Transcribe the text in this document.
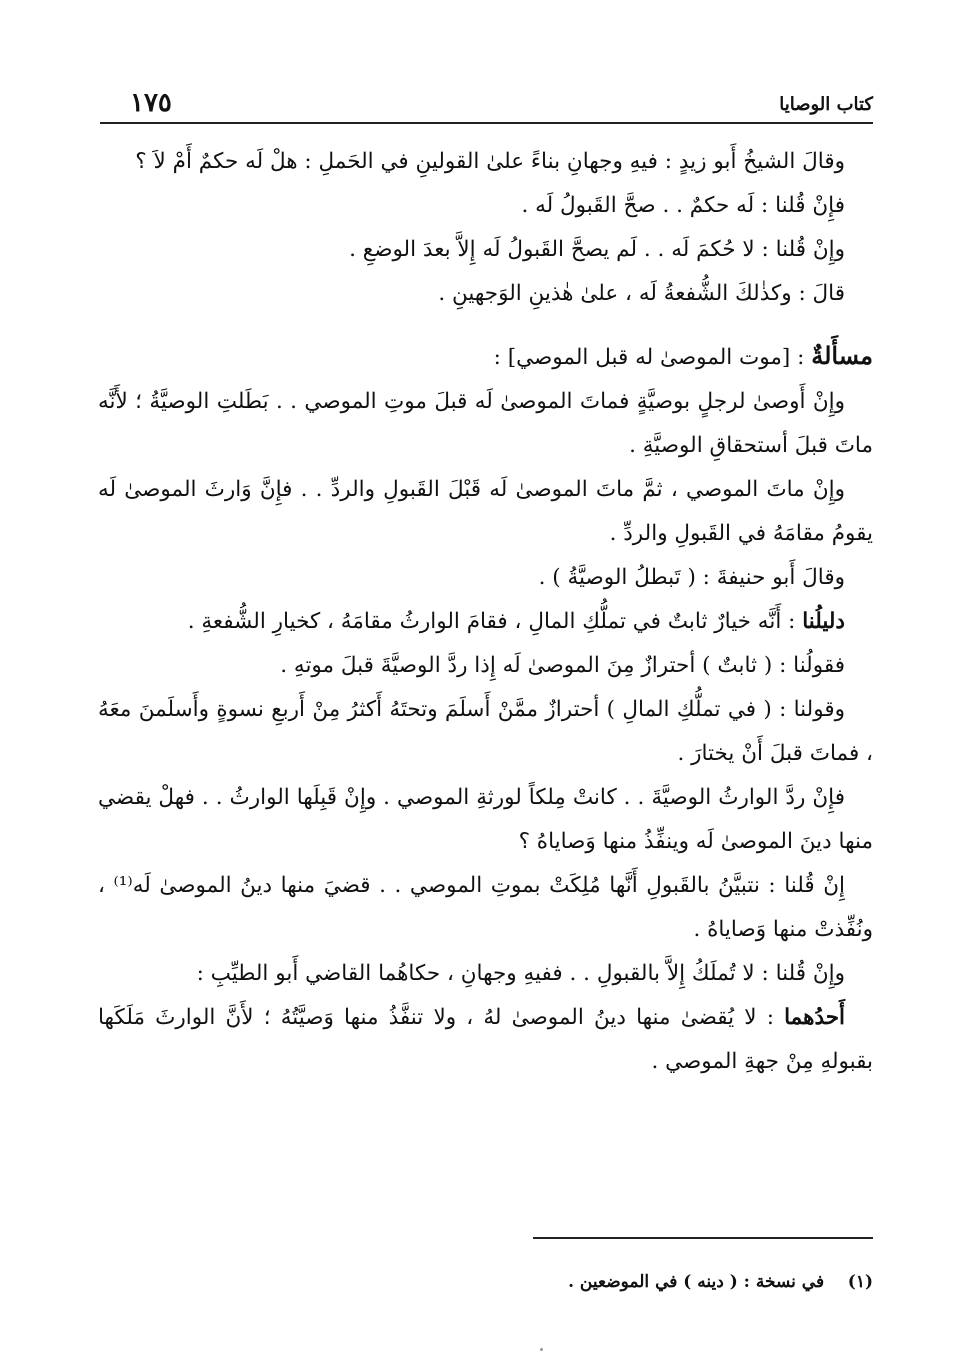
١٧٥	كتاب الوصايا

وقالَ الشيخُ أَبو زيدٍ : فيهِ وجهانِ بناءً علىٰ القولينِ في الحَملِ : هلْ لَه حكمٌ أَمْ لاَ ؟

فإِنْ قُلنا : لَه حكمٌ . . صحَّ القَبولُ لَه .

وإِنْ قُلنا : لا حُكمَ لَه . . لَم يصحَّ القَبولُ لَه إِلاَّ بعدَ الوضعِ .

قالَ : وكذٰلكَ الشُّفعةُ لَه ، علىٰ هٰذينِ الوَجهينِ .

مسأَلةٌ : [موت الموصىٰ له قبل الموصي] :

وإِنْ أَوصىٰ لرجلٍ بوصيَّةٍ فماتَ الموصىٰ لَه قبلَ موتِ الموصي . . بَطَلتِ الوصيَّةُ ؛ لأَنَّه ماتَ قبلَ أستحقاقِ الوصيَّةِ .

وإِنْ ماتَ الموصي ، ثمَّ ماتَ الموصىٰ لَه قَبْلَ القَبولِ والردِّ . . فإِنَّ وَارثَ الموصىٰ لَه يقومُ مقامَهُ في القَبولِ والردِّ .

وقالَ أَبو حنيفةَ : ( تَبطلُ الوصيَّةُ ) .

دليلُنا : أَنَّه خيارٌ ثابتٌ في تملُّكِ المالِ ، فقامَ الوارثُ مقامَهُ ، كخيارِ الشُّفعةِ .

فقولُنا : ( ثابتٌ ) أحترازٌ مِنَ الموصىٰ لَه إِذا ردَّ الوصيَّةَ قبلَ موتهِ .

وقولنا : ( في تملُّكِ المالِ ) أحترازٌ ممَّنْ أَسلَمَ وتحتَهُ أَكثرُ مِنْ أَربعِ نسوةٍ وأَسلَمنَ معَهُ ، فماتَ قبلَ أَنْ يختارَ .

فإِنْ ردَّ الوارثُ الوصيَّةَ . . كانتْ مِلكاً لورثةِ الموصي . وإِنْ قَبِلَها الوارثُ . . فهلْ يقضي منها دينَ الموصىٰ لَه وينفِّذُ منها وَصاياهُ ؟

إِنْ قُلنا : نتبيَّنُ بالقَبولِ أَنَّها مُلِكَتْ بموتِ الموصي . . قضيَ منها دينُ الموصىٰ لَه⁽¹⁾ ، ونُفِّذتْ منها وَصاياهُ .

وإِنْ قُلنا : لا تُملَكُ إِلاَّ بالقبولِ . . ففيهِ وجهانِ ، حكاهُما القاضي أَبو الطيِّبِ :

أَحدُهما : لا يُقضىٰ منها دينُ الموصىٰ لهُ ، ولا تنفَّذُ منها وَصيَّتُهُ ؛ لأَنَّ الوارثَ مَلَكَها بقبولهِ مِنْ جهةِ الموصي .

(١)    في نسخة : ( دينه ) في الموضعين .
